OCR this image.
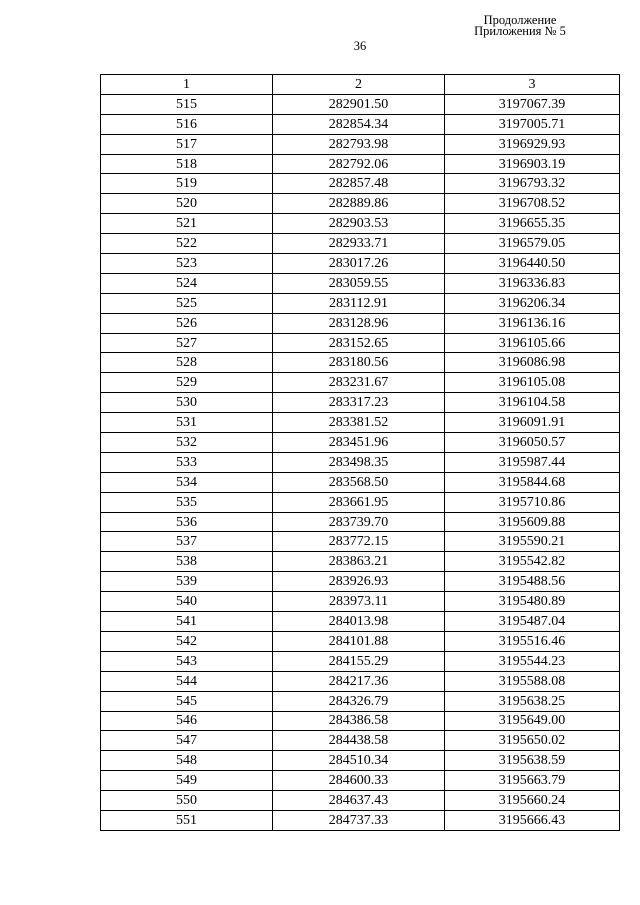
Продолжение
Приложения № 5
36
1	2	3
515	282901.50	3197067.39
516	282854.34	3197005.71
517	282793.98	3196929.93
518	282792.06	3196903.19
519	282857.48	3196793.32
520	282889.86	3196708.52
521	282903.53	3196655.35
522	282933.71	3196579.05
523	283017.26	3196440.50
524	283059.55	3196336.83
525	283112.91	3196206.34
526	283128.96	3196136.16
527	283152.65	3196105.66
528	283180.56	3196086.98
529	283231.67	3196105.08
530	283317.23	3196104.58
531	283381.52	3196091.91
532	283451.96	3196050.57
533	283498.35	3195987.44
534	283568.50	3195844.68
535	283661.95	3195710.86
536	283739.70	3195609.88
537	283772.15	3195590.21
538	283863.21	3195542.82
539	283926.93	3195488.56
540	283973.11	3195480.89
541	284013.98	3195487.04
542	284101.88	3195516.46
543	284155.29	3195544.23
544	284217.36	3195588.08
545	284326.79	3195638.25
546	284386.58	3195649.00
547	284438.58	3195650.02
548	284510.34	3195638.59
549	284600.33	3195663.79
550	284637.43	3195660.24
551	284737.33	3195666.43
